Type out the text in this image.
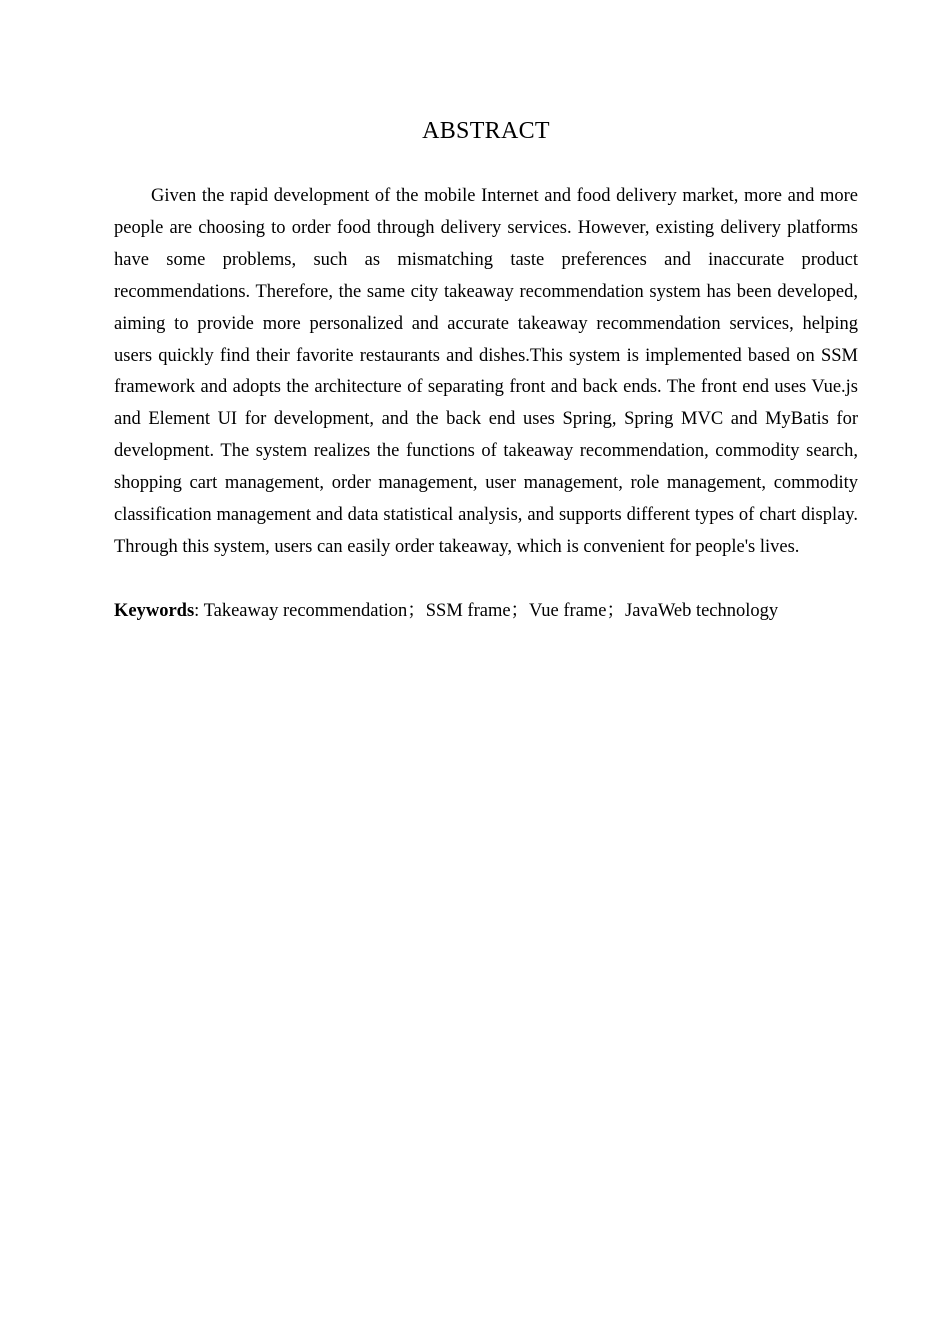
ABSTRACT

Given the rapid development of the mobile Internet and food delivery market, more and more people are choosing to order food through delivery services. However, existing delivery platforms have some problems, such as mismatching taste preferences and inaccurate product recommendations. Therefore, the same city takeaway recommendation system has been developed, aiming to provide more personalized and accurate takeaway recommendation services, helping users quickly find their favorite restaurants and dishes.This system is implemented based on SSM framework and adopts the architecture of separating front and back ends. The front end uses Vue.js and Element UI for development, and the back end uses Spring, Spring MVC and MyBatis for development. The system realizes the functions of takeaway recommendation, commodity search, shopping cart management, order management, user management, role management, commodity classification management and data statistical analysis, and supports different types of chart display. Through this system, users can easily order takeaway, which is convenient for people's lives.

Keywords: Takeaway recommendation；SSM frame；Vue frame；JavaWeb technology
